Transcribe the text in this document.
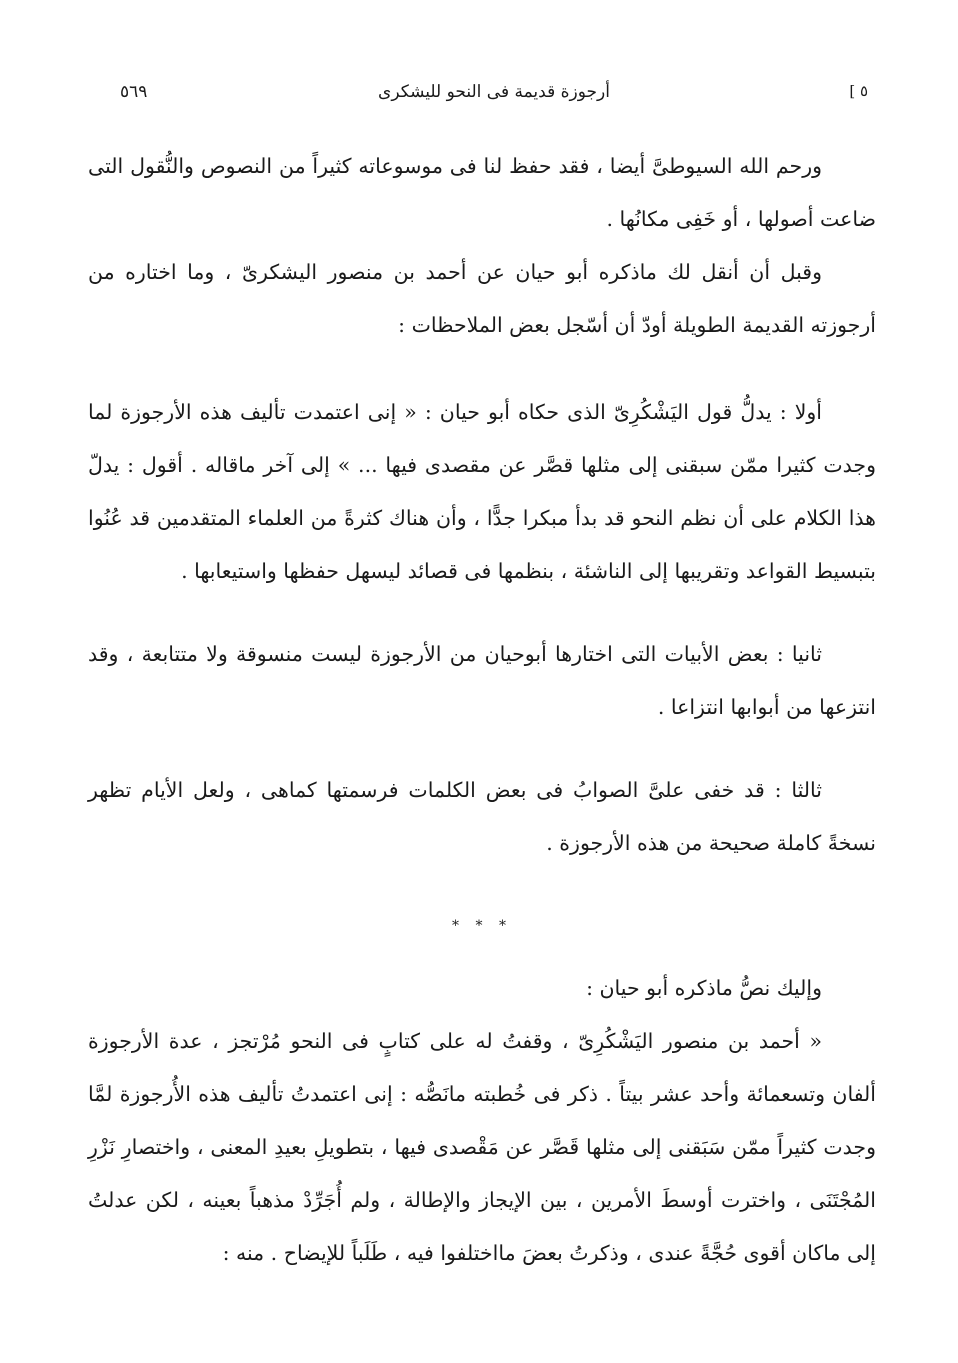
٥٦٩	أرجوزة قديمة فى النحو لليشكرى	[ ٥

ورحم الله السيوطىَّ أيضا ، فقد حفظ لنا فى موسوعاته كثيراً من النصوص والنُّقول التى ضاعت أصولها ، أو خَفِى مكانُها .

وقبل أن أنقل لك ماذكره أبو حيان عن أحمد بن منصور اليشكرىّ ، وما اختاره من أرجوزته القديمة الطويلة أودّ أن أسّجل بعض الملاحظات :

أولا : يدلُّ قول اليَشْكُرِىّ الذى حكاه أبو حيان : « إنى اعتمدت تأليف هذه الأرجوزة لما وجدت كثيرا ممّن سبقنى إلى مثلها قصَّر عن مقصدى فيها ... » إلى آخر ماقاله . أقول : يدلّ هذا الكلام على أن نظم النحو قد بدأ مبكرا جدًّا ، وأن هناك كثرةً من العلماء المتقدمين قد عُنُوا بتبسيط القواعد وتقريبها إلى الناشئة ، بنظمها فى قصائد ليسهل حفظها واستيعابها .

ثانيا : بعض الأبيات التى اختارها أبوحيان من الأرجوزة ليست منسوقة ولا متتابعة ، وقد انتزعها من أبوابها انتزاعا .

ثالثا : قد خفى علىَّ الصوابُ فى بعض الكلمات فرسمتها كماهى ، ولعل الأيام تظهر نسخةً كاملة صحيحة من هذه الأرجوزة .

* * *

وإليك نصُّ ماذكره أبو حيان :

« أحمد بن منصور اليَشْكُرِىّ ، وقفتُ له على كتابٍ فى النحو مُرْتجز ، عدة الأرجوزة ألفان وتسعمائة وأحد عشر بيتاً . ذكر فى خُطبته مانَصُّه : إنى اعتمدتُ تأليف هذه الأُرجوزة لمَّا وجدت كثيراً ممّن سَبَقنى إلى مثلها قَصَّر عن مَقْصدى فيها ، بتطويلِ بعيدِ المعنى ، واختصارِ نَزْرِ المُجْتَنَى ، واخترت أوسطَ الأمرين ، بين الإيجاز والإطالة ، ولم أُجَرِّدْ مذهباً بعينه ، لكن عدلتُ إلى ماكان أقوى حُجَّةً عندى ، وذكرتُ بعضَ مااختلفوا فيه ، طَلَباً للإيضاح . منه :
